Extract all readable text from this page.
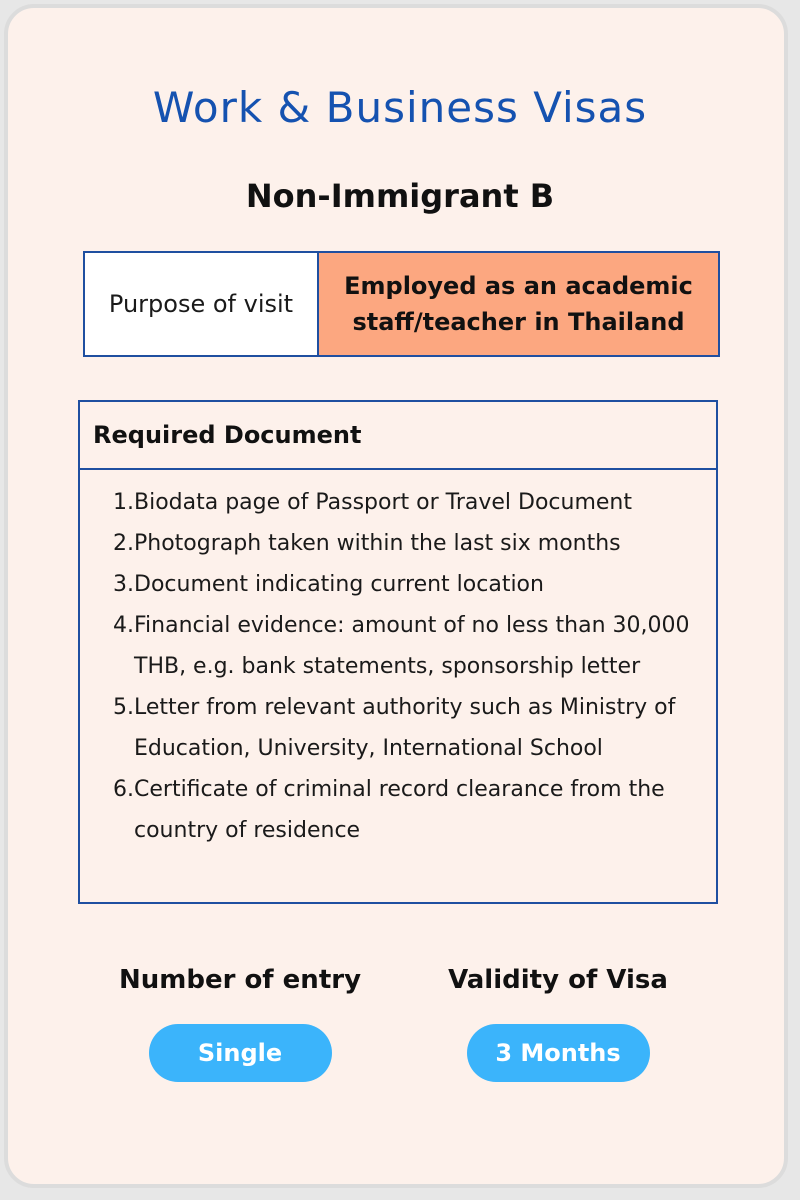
Work & Business Visas
Non-Immigrant B
Purpose of visit
Employed as an academic staff/teacher in Thailand
Required Document
1. Biodata page of Passport or Travel Document
2. Photograph taken within the last six months
3. Document indicating current location
4. Financial evidence: amount of no less than 30,000 THB, e.g. bank statements, sponsorship letter
5. Letter from relevant authority such as Ministry of Education, University, International School
6. Certificate of criminal record clearance from the country of residence
Number of entry
Single
Validity of Visa
3 Months
